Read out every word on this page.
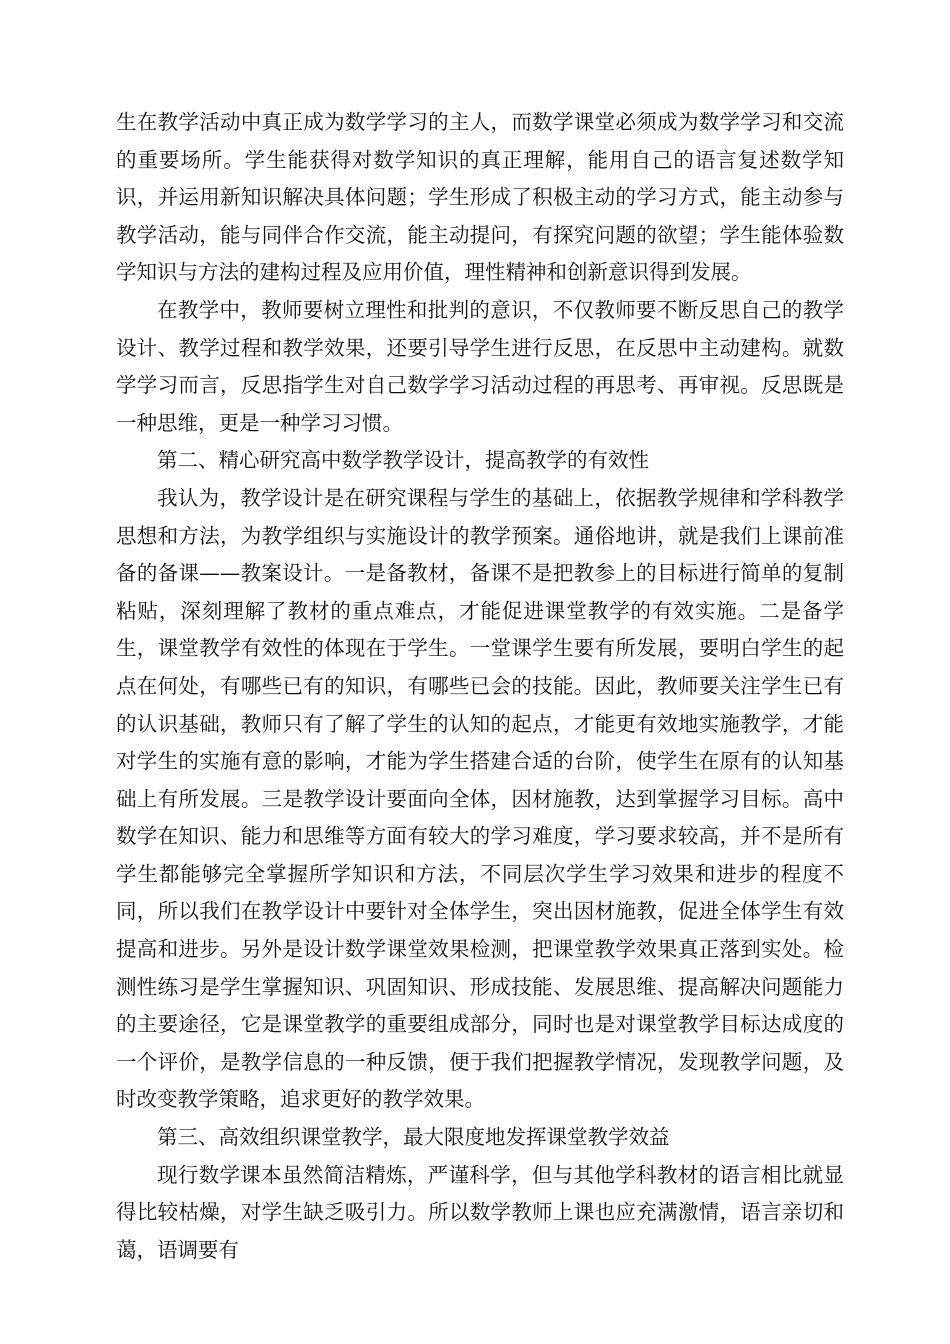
生在教学活动中真正成为数学学习的主人，而数学课堂必须成为数学学习和交流的重要场所。学生能获得对数学知识的真正理解，能用自己的语言复述数学知识，并运用新知识解决具体问题；学生形成了积极主动的学习方式，能主动参与教学活动，能与同伴合作交流，能主动提问，有探究问题的欲望；学生能体验数学知识与方法的建构过程及应用价值，理性精神和创新意识得到发展。

在教学中，教师要树立理性和批判的意识，不仅教师要不断反思自己的教学设计、教学过程和教学效果，还要引导学生进行反思，在反思中主动建构。就数学学习而言，反思指学生对自己数学学习活动过程的再思考、再审视。反思既是一种思维，更是一种学习习惯。

第二、精心研究高中数学教学设计，提高教学的有效性

我认为，教学设计是在研究课程与学生的基础上，依据教学规律和学科教学思想和方法，为教学组织与实施设计的教学预案。通俗地讲，就是我们上课前准备的备课——教案设计。一是备教材，备课不是把教参上的目标进行简单的复制粘贴，深刻理解了教材的重点难点，才能促进课堂教学的有效实施。二是备学生，课堂教学有效性的体现在于学生。一堂课学生要有所发展，要明白学生的起点在何处，有哪些已有的知识，有哪些已会的技能。因此，教师要关注学生已有的认识基础，教师只有了解了学生的认知的起点，才能更有效地实施教学，才能对学生的实施有意的影响，才能为学生搭建合适的台阶，使学生在原有的认知基础上有所发展。三是教学设计要面向全体，因材施教，达到掌握学习目标。高中数学在知识、能力和思维等方面有较大的学习难度，学习要求较高，并不是所有学生都能够完全掌握所学知识和方法，不同层次学生学习效果和进步的程度不同，所以我们在教学设计中要针对全体学生，突出因材施教，促进全体学生有效提高和进步。另外是设计数学课堂效果检测，把课堂教学效果真正落到实处。检测性练习是学生掌握知识、巩固知识、形成技能、发展思维、提高解决问题能力的主要途径，它是课堂教学的重要组成部分，同时也是对课堂教学目标达成度的一个评价，是教学信息的一种反馈，便于我们把握教学情况，发现教学问题，及时改变教学策略，追求更好的教学效果。

第三、高效组织课堂教学，最大限度地发挥课堂教学效益

现行数学课本虽然简洁精炼，严谨科学，但与其他学科教材的语言相比就显得比较枯燥，对学生缺乏吸引力。所以数学教师上课也应充满激情，语言亲切和蔼，语调要有
